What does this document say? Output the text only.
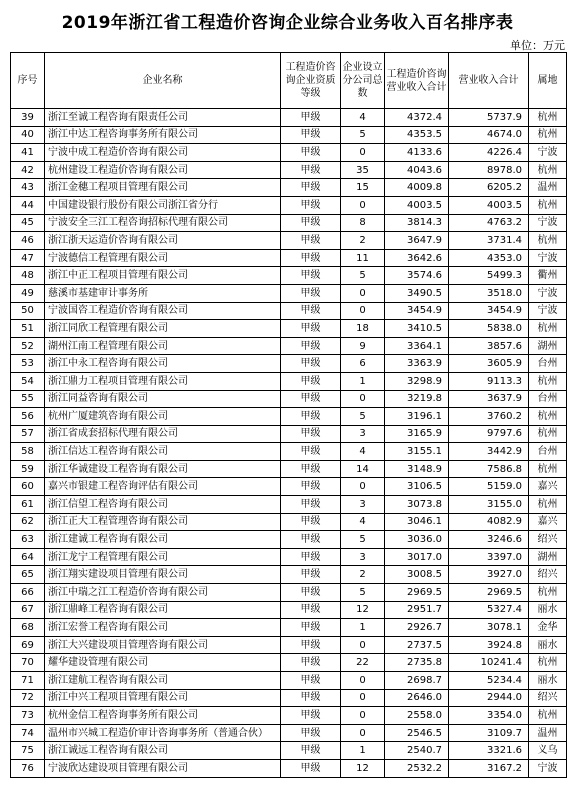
2019年浙江省工程造价咨询企业综合业务收入百名排序表
单位：万元
序号	企业名称	工程造价咨询企业资质等级	企业设立分公司总数	工程造价咨询营业收入合计	营业收入合计	属地
39	浙江至诚工程咨询有限责任公司	甲级	4	4372.4	5737.9	杭州
40	浙江中达工程咨询事务所有限公司	甲级	5	4353.5	4674.0	杭州
41	宁波中成工程造价咨询有限公司	甲级	0	4133.6	4226.4	宁波
42	杭州建设工程造价咨询有限公司	甲级	35	4043.6	8978.0	杭州
43	浙江金穗工程项目管理有限公司	甲级	15	4009.8	6205.2	温州
44	中国建设银行股份有限公司浙江省分行	甲级	0	4003.5	4003.5	杭州
45	宁波安全三江工程咨询招标代理有限公司	甲级	8	3814.3	4763.2	宁波
46	浙江浙天运造价咨询有限公司	甲级	2	3647.9	3731.4	杭州
47	宁波德信工程管理有限公司	甲级	11	3642.6	4353.0	宁波
48	浙江中正工程项目管理有限公司	甲级	5	3574.6	5499.3	衢州
49	慈溪市基建审计事务所	甲级	0	3490.5	3518.0	宁波
50	宁波国咨工程造价咨询有限公司	甲级	0	3454.9	3454.9	宁波
51	浙江同欣工程管理有限公司	甲级	18	3410.5	5838.0	杭州
52	湖州江南工程管理有限公司	甲级	9	3364.1	3857.6	湖州
53	浙江中永工程咨询有限公司	甲级	6	3363.9	3605.9	台州
54	浙江鼎力工程项目管理有限公司	甲级	1	3298.9	9113.3	杭州
55	浙江同益咨询有限公司	甲级	0	3219.8	3637.9	台州
56	杭州广厦建筑咨询有限公司	甲级	5	3196.1	3760.2	杭州
57	浙江省成套招标代理有限公司	甲级	3	3165.9	9797.6	杭州
58	浙江信达工程咨询有限公司	甲级	4	3155.1	3442.9	台州
59	浙江华诚建设工程咨询有限公司	甲级	14	3148.9	7586.8	杭州
60	嘉兴市银建工程咨询评估有限公司	甲级	0	3106.5	5159.0	嘉兴
61	浙江信望工程咨询有限公司	甲级	3	3073.8	3155.0	杭州
62	浙江正大工程管理咨询有限公司	甲级	4	3046.1	4082.9	嘉兴
63	浙江建诚工程咨询有限公司	甲级	5	3036.0	3246.6	绍兴
64	浙江龙宁工程管理有限公司	甲级	3	3017.0	3397.0	湖州
65	浙江翔实建设项目管理有限公司	甲级	2	3008.5	3927.0	绍兴
66	浙江中瑞之江工程造价咨询有限公司	甲级	5	2969.5	2969.5	杭州
67	浙江鼎峰工程咨询有限公司	甲级	12	2951.7	5327.4	丽水
68	浙江宏誉工程咨询有限公司	甲级	1	2926.7	3078.1	金华
69	浙江大兴建设项目管理咨询有限公司	甲级	0	2737.5	3924.8	丽水
70	耀华建设管理有限公司	甲级	22	2735.8	10241.4	杭州
71	浙江建航工程咨询有限公司	甲级	0	2698.7	5234.4	丽水
72	浙江中兴工程项目管理有限公司	甲级	0	2646.0	2944.0	绍兴
73	杭州金信工程咨询事务所有限公司	甲级	0	2558.0	3354.0	杭州
74	温州市兴城工程造价审计咨询事务所（普通合伙）	甲级	0	2546.5	3109.7	温州
75	浙江诚远工程咨询有限公司	甲级	1	2540.7	3321.6	义乌
76	宁波欣达建设项目管理有限公司	甲级	12	2532.2	3167.2	宁波
